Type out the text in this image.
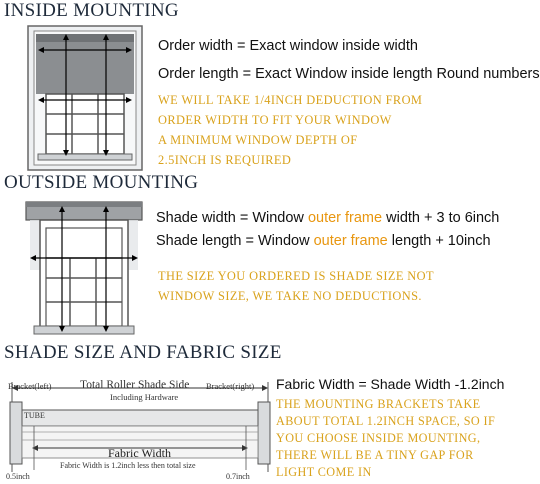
INSIDE MOUNTING
Order width = Exact window inside width
Order length = Exact Window inside length Round numbers
WE WILL TAKE 1/4INCH DEDUCTION FROM
ORDER WIDTH TO FIT YOUR WINDOW
A MINIMUM WINDOW DEPTH OF
2.5INCH IS REQUIRED
OUTSIDE MOUNTING
Shade width = Window outer frame width + 3 to 6inch
Shade length = Window outer frame length + 10inch
THE SIZE YOU ORDERED IS SHADE SIZE NOT
WINDOW SIZE, WE TAKE NO DEDUCTIONS.
SHADE SIZE AND FABRIC SIZE
Bracket(left) Total Roller Shade Side Bracket(right)
Including Hardware
TUBE
Fabric Width
Fabric Width is 1.2inch less then total size
0.5inch	0.7inch
Fabric Width = Shade Width -1.2inch
THE MOUNTING BRACKETS TAKE
ABOUT TOTAL 1.2INCH SPACE, SO IF
YOU CHOOSE INSIDE MOUNTING,
THERE WILL BE A TINY GAP FOR
LIGHT COME IN
